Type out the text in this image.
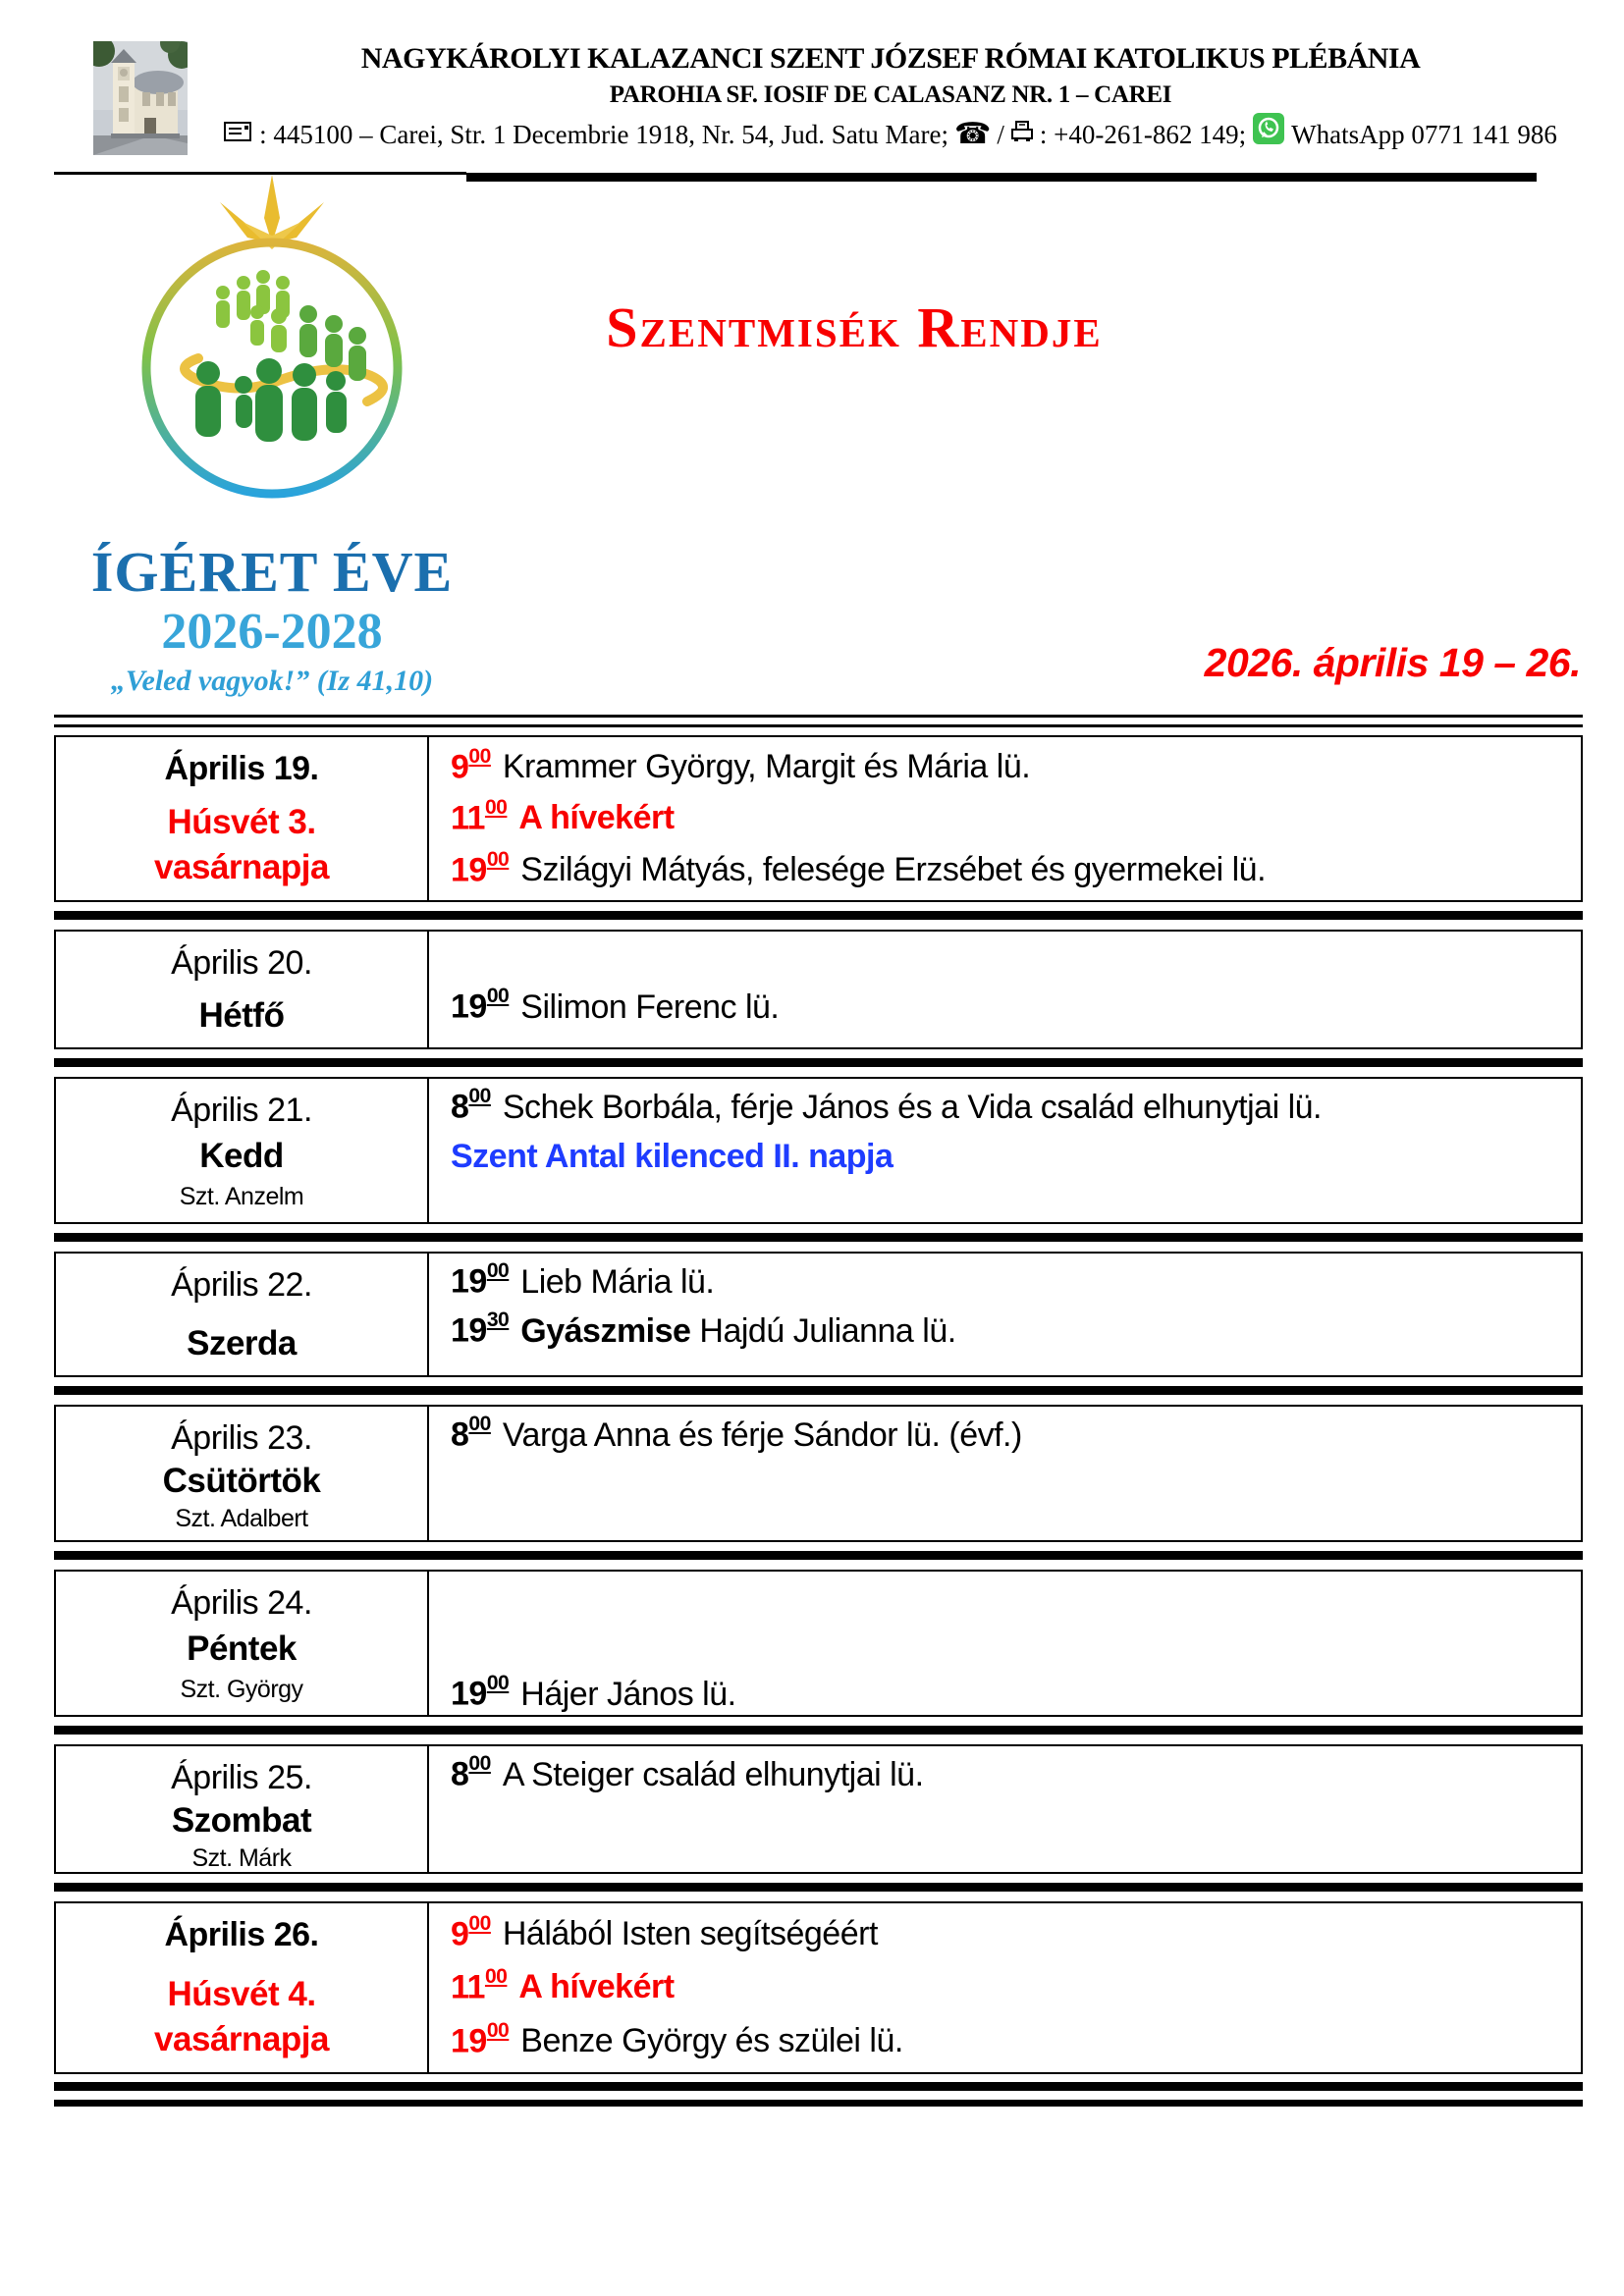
NAGYKÁROLYI KALAZANCI SZENT JÓZSEF RÓMAI KATOLIKUS PLÉBÁNIA
PAROHIA SF. IOSIF DE CALASANZ NR. 1 – CAREI
: 445100 – Carei, Str. 1 Decembrie 1918, Nr. 54, Jud. Satu Mare; ☎ / : +40-261-862 149; WhatsApp 0771 141 986
ÍGÉRET ÉVE
2026-2028
„Veled vagyok!” (Iz 41,10)
Szentmisék Rendje
2026. április 19 – 26.
Április 19.
Húsvét 3.
vasárnapja
$9^{00}$ Krammer György, Margit és Mária lü.
$11^{00}$ A hívekért
$19^{00}$ Szilágyi Mátyás, felesége Erzsébet és gyermekei lü.
Április 20.
Hétfő	$19^{00}$ Silimon Ferenc lü.
Április 21.
Kedd
Szt. Anzelm
$8^{00}$ Schek Borbála, férje János és a Vida család elhunytjai lü.
Szent Antal kilenced II. napja
Április 22.
Szerda
$19^{00}$ Lieb Mária lü.
$19^{30}$ Gyászmise Hajdú Julianna lü.
Április 23.
Csütörtök
Szt. Adalbert
$8^{00}$ Varga Anna és férje Sándor lü. (évf.)
Április 24.
Péntek
Szt. György	$19^{00}$ Hájer János lü.
Április 25.
Szombat
Szt. Márk
$8^{00}$ A Steiger család elhunytjai lü.
Április 26.
Húsvét 4.
vasárnapja
$9^{00}$ Hálából Isten segítségéért
$11^{00}$ A hívekért
$19^{00}$ Benze György és szülei lü.
